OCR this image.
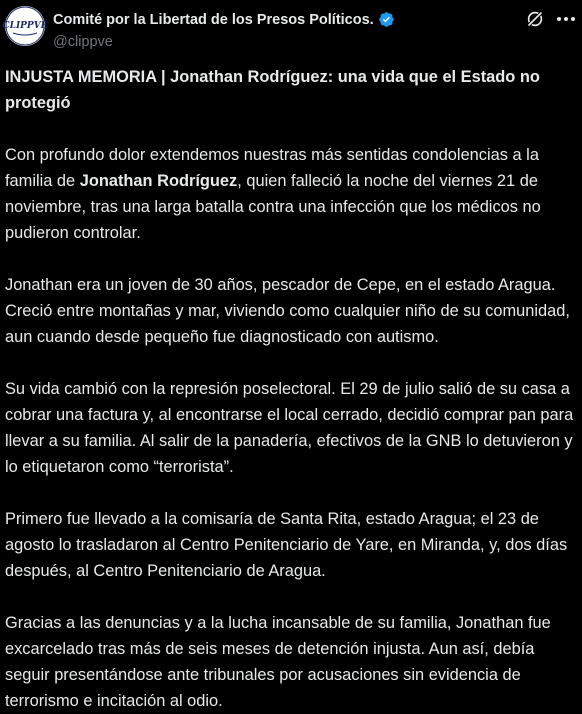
CLIPPVE Comité por la Libertad de los Presos Políticos.
@clippve

INJUSTA MEMORIA | Jonathan Rodríguez: una vida que el Estado no protegió

Con profundo dolor extendemos nuestras más sentidas condolencias a la familia de Jonathan Rodríguez, quien falleció la noche del viernes 21 de noviembre, tras una larga batalla contra una infección que los médicos no pudieron controlar.

Jonathan era un joven de 30 años, pescador de Cepe, en el estado Aragua. Creció entre montañas y mar, viviendo como cualquier niño de su comunidad, aun cuando desde pequeño fue diagnosticado con autismo.

Su vida cambió con la represión poselectoral. El 29 de julio salió de su casa a cobrar una factura y, al encontrarse el local cerrado, decidió comprar pan para llevar a su familia. Al salir de la panadería, efectivos de la GNB lo detuvieron y lo etiquetaron como “terrorista”.

Primero fue llevado a la comisaría de Santa Rita, estado Aragua; el 23 de agosto lo trasladaron al Centro Penitenciario de Yare, en Miranda, y, dos días después, al Centro Penitenciario de Aragua.

Gracias a las denuncias y a la lucha incansable de su familia, Jonathan fue excarcelado tras más de seis meses de detención injusta. Aun así, debía seguir presentándose ante tribunales por acusaciones sin evidencia de terrorismo e incitación al odio.
